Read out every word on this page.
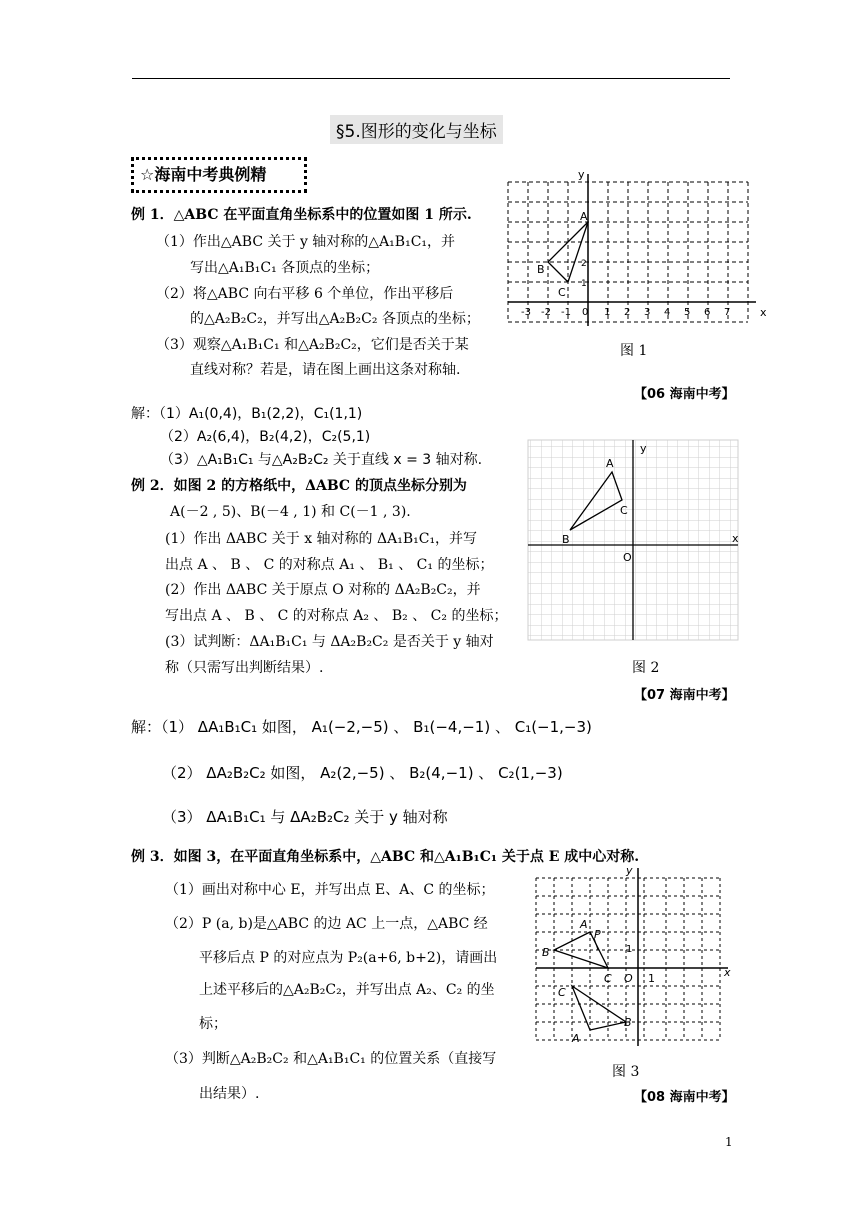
§5.图形的变化与坐标
☆海南中考典例精
例 1．△ABC 在平面直角坐标系中的位置如图 1 所示.
（1）作出△ABC 关于 y 轴对称的△A₁B₁C₁，并
写出△A₁B₁C₁ 各顶点的坐标；
（2）将△ABC 向右平移 6 个单位，作出平移后
的△A₂B₂C₂，并写出△A₂B₂C₂ 各顶点的坐标；
（3）观察△A₁B₁C₁ 和△A₂B₂C₂，它们是否关于某
直线对称？若是，请在图上画出这条对称轴.
A
B
C
x
y
2
1
-3 -2 -1 0 1 2 3 4 5 6 7
图 1
【06 海南中考】
解：（1）A₁(0,4)，B₁(2,2)，C₁(1,1)
（2）A₂(6,4)，B₂(4,2)，C₂(5,1)
（3）△A₁B₁C₁ 与△A₂B₂C₂ 关于直线 x = 3 轴对称.
例 2．如图 2 的方格纸中，ΔABC 的顶点坐标分别为
A(－2 , 5)、B(－4 , 1) 和 C(－1 , 3).
(1）作出 ΔABC 关于 x 轴对称的 ΔA₁B₁C₁，并写
出点 A 、 B 、 C 的对称点 A₁ 、 B₁ 、 C₁ 的坐标；
(2）作出 ΔABC 关于原点 O 对称的 ΔA₂B₂C₂，并
写出点 A 、 B 、 C 的对称点 A₂ 、 B₂ 、 C₂ 的坐标；
(3）试判断：ΔA₁B₁C₁ 与 ΔA₂B₂C₂ 是否关于 y 轴对
称（只需写出判断结果）.
A
B
C
O
x
y
图 2
【07 海南中考】
解：（1） ΔA₁B₁C₁ 如图， A₁(−2,−5) 、 B₁(−4,−1) 、 C₁(−1,−3)
（2） ΔA₂B₂C₂ 如图， A₂(2,−5) 、 B₂(4,−1) 、 C₂(1,−3)
（3） ΔA₁B₁C₁ 与 ΔA₂B₂C₂ 关于 y 轴对称
例 3．如图 3，在平面直角坐标系中，△ABC 和△A₁B₁C₁ 关于点 E 成中心对称.
（1）画出对称中心 E，并写出点 E、A、C 的坐标；
（2）P (a, b)是△ABC 的边 AC 上一点，△ABC 经
平移后点 P 的对应点为 P₂(a+6, b+2)，请画出
上述平移后的△A₂B₂C₂，并写出点 A₂、C₂ 的坐
标；
（3）判断△A₂B₂C₂ 和△A₁B₁C₁ 的位置关系（直接写
出结果）.
A
P
B
C O 1
1
C
B
A
x
y
图 3
【08 海南中考】
1
